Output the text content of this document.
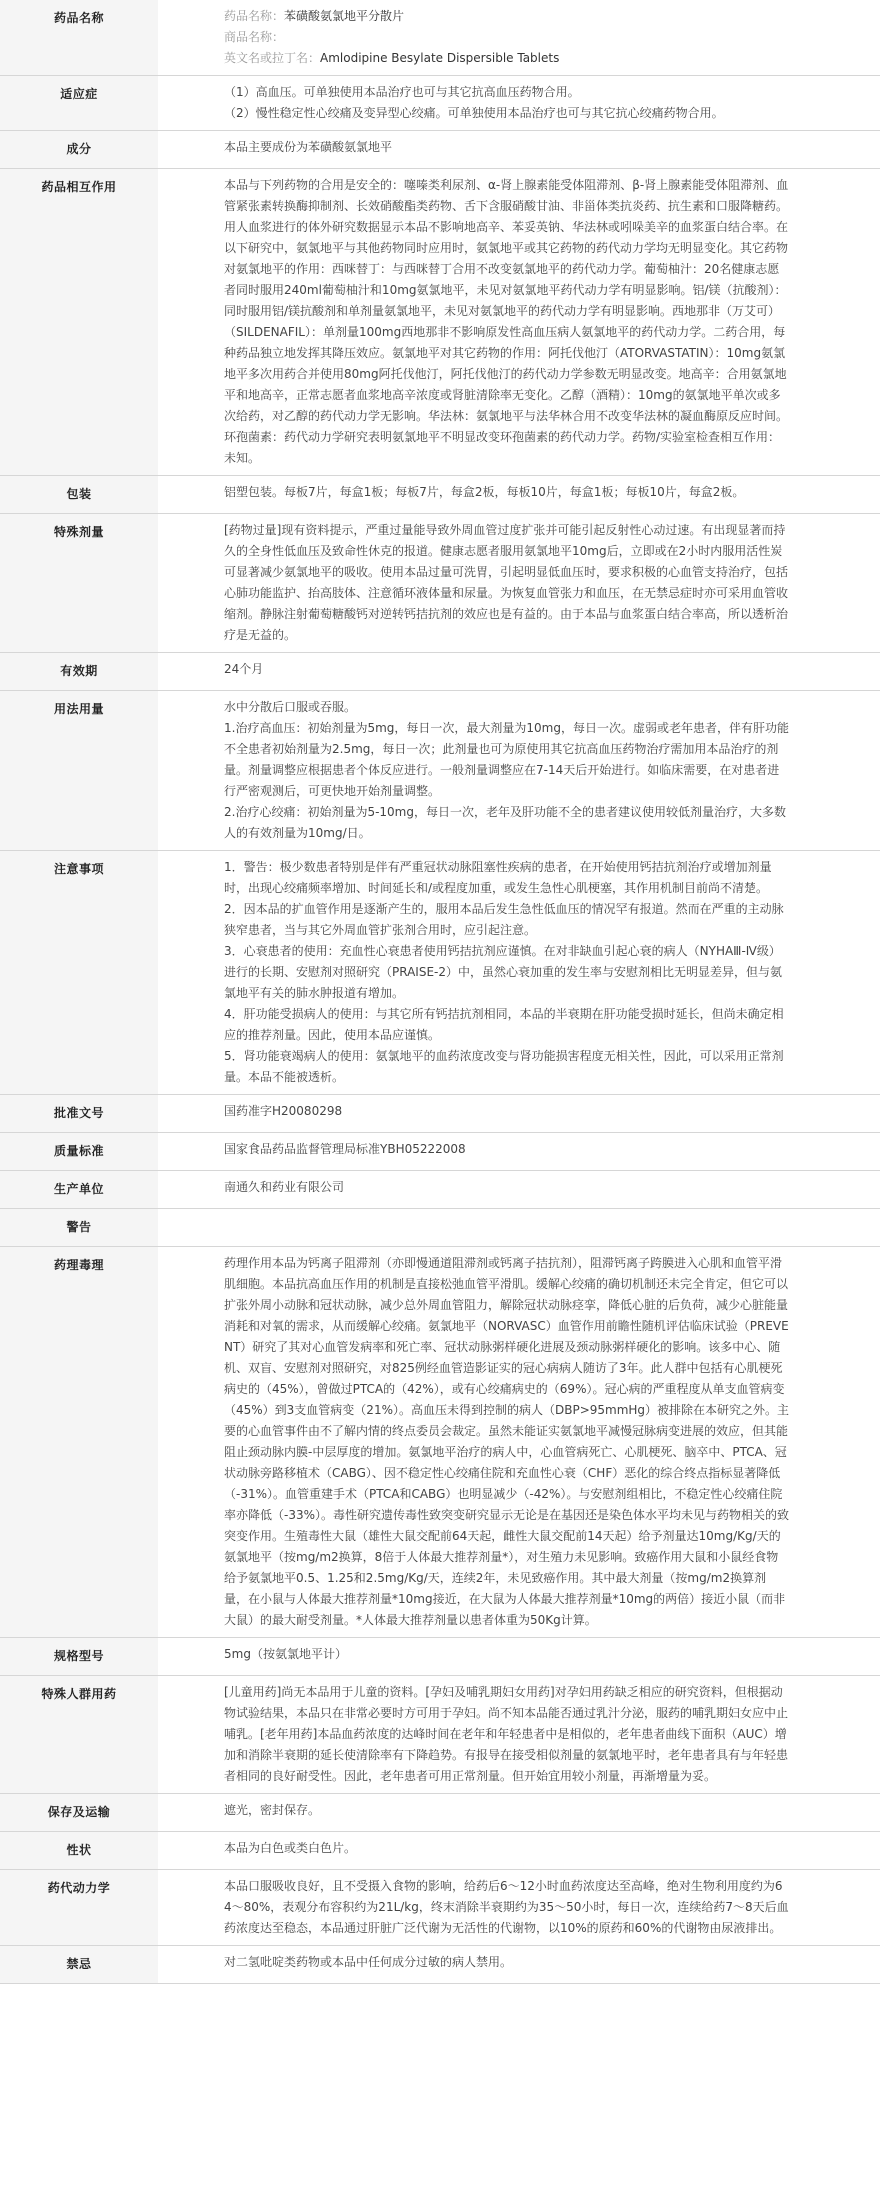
药品名称	药品名称：苯磺酸氨氯地平分散片
商品名称：
英文名或拉丁名：Amlodipine Besylate Dispersible Tablets

适应症	（1）高血压。可单独使用本品治疗也可与其它抗高血压药物合用。
（2）慢性稳定性心绞痛及变异型心绞痛。可单独使用本品治疗也可与其它抗心绞痛药物合用。

成分	本品主要成份为苯磺酸氨氯地平

药品相互作用	本品与下列药物的合用是安全的：噻嗪类利尿剂、α-肾上腺素能受体阻滞剂、β-肾上腺素能受体阻滞剂、血管紧张素转换酶抑制剂、长效硝酸酯类药物、舌下含服硝酸甘油、非甾体类抗炎药、抗生素和口服降糖药。用人血浆进行的体外研究数据显示本品不影响地高辛、苯妥英钠、华法林或吲哚美辛的血浆蛋白结合率。在以下研究中，氨氯地平与其他药物同时应用时，氨氯地平或其它药物的药代动力学均无明显变化。其它药物对氨氯地平的作用：西咪替丁：与西咪替丁合用不改变氨氯地平的药代动力学。葡萄柚汁：20名健康志愿者同时服用240ml葡萄柚汁和10mg氨氯地平，未见对氨氯地平药代动力学有明显影响。铝/镁（抗酸剂）：同时服用铝/镁抗酸剂和单剂量氨氯地平，未见对氨氯地平的药代动力学有明显影响。西地那非（万艾可）（SILDENAFIL）：单剂量100mg西地那非不影响原发性高血压病人氨氯地平的药代动力学。二药合用，每种药品独立地发挥其降压效应。氨氯地平对其它药物的作用：阿托伐他汀（ATORVASTATIN）：10mg氨氯地平多次用药合并使用80mg阿托伐他汀，阿托伐他汀的药代动力学参数无明显改变。地高辛：合用氨氯地平和地高辛，正常志愿者血浆地高辛浓度或肾脏清除率无变化。乙醇（酒精）：10mg的氨氯地平单次或多次给药，对乙醇的药代动力学无影响。华法林：氨氯地平与法华林合用不改变华法林的凝血酶原反应时间。环孢菌素：药代动力学研究表明氨氯地平不明显改变环孢菌素的药代动力学。药物/实验室检查相互作用：未知。

包装	铝塑包装。每板7片，每盒1板；每板7片，每盒2板，每板10片，每盒1板；每板10片，每盒2板。

特殊剂量	[药物过量]现有资料提示，严重过量能导致外周血管过度扩张并可能引起反射性心动过速。有出现显著而持久的全身性低血压及致命性休克的报道。健康志愿者服用氨氯地平10mg后，立即或在2小时内服用活性炭可显著减少氨氯地平的吸收。使用本品过量可洗胃，引起明显低血压时，要求积极的心血管支持治疗，包括心肺功能监护、抬高肢体、注意循环液体量和尿量。为恢复血管张力和血压，在无禁忌症时亦可采用血管收缩剂。静脉注射葡萄糖酸钙对逆转钙拮抗剂的效应也是有益的。由于本品与血浆蛋白结合率高，所以透析治疗是无益的。

有效期	24个月

用法用量	水中分散后口服或吞服。
1.治疗高血压：初始剂量为5mg，每日一次，最大剂量为10mg，每日一次。虚弱或老年患者，伴有肝功能不全患者初始剂量为2.5mg，每日一次；此剂量也可为原使用其它抗高血压药物治疗需加用本品治疗的剂量。剂量调整应根据患者个体反应进行。一般剂量调整应在7-14天后开始进行。如临床需要，在对患者进行严密观测后，可更快地开始剂量调整。
2.治疗心绞痛：初始剂量为5-10mg，每日一次，老年及肝功能不全的患者建议使用较低剂量治疗，大多数人的有效剂量为10mg/日。

注意事项	1．警告：极少数患者特别是伴有严重冠状动脉阻塞性疾病的患者，在开始使用钙拮抗剂治疗或增加剂量时，出现心绞痛频率增加、时间延长和/或程度加重，或发生急性心肌梗塞，其作用机制目前尚不清楚。
2．因本品的扩血管作用是逐渐产生的，服用本品后发生急性低血压的情况罕有报道。然而在严重的主动脉狭窄患者，当与其它外周血管扩张剂合用时，应引起注意。
3．心衰患者的使用：充血性心衰患者使用钙拮抗剂应谨慎。在对非缺血引起心衰的病人（NYHAⅢ-Ⅳ级）进行的长期、安慰剂对照研究（PRAISE-2）中，虽然心衰加重的发生率与安慰剂相比无明显差异，但与氨氯地平有关的肺水肿报道有增加。
4．肝功能受损病人的使用：与其它所有钙拮抗剂相同，本品的半衰期在肝功能受损时延长，但尚未确定相应的推荐剂量。因此，使用本品应谨慎。
5．肾功能衰竭病人的使用：氨氯地平的血药浓度改变与肾功能损害程度无相关性，因此，可以采用正常剂量。本品不能被透析。

批准文号	国药准字H20080298

质量标准	国家食品药品监督管理局标准YBH05222008

生产单位	南通久和药业有限公司

警告	
药理毒理	药理作用本品为钙离子阻滞剂（亦即慢通道阻滞剂或钙离子拮抗剂），阻滞钙离子跨膜进入心肌和血管平滑肌细胞。本品抗高血压作用的机制是直接松弛血管平滑肌。缓解心绞痛的确切机制还未完全肯定，但它可以扩张外周小动脉和冠状动脉，减少总外周血管阻力，解除冠状动脉痉挛，降低心脏的后负荷，减少心脏能量消耗和对氧的需求，从而缓解心绞痛。氨氯地平（NORVASC）血管作用前瞻性随机评估临床试验（PREVENT）研究了其对心血管发病率和死亡率、冠状动脉粥样硬化进展及颈动脉粥样硬化的影响。该多中心、随机、双盲、安慰剂对照研究，对825例经血管造影证实的冠心病病人随访了3年。此人群中包括有心肌梗死病史的（45%），曾做过PTCA的（42%），或有心绞痛病史的（69%）。冠心病的严重程度从单支血管病变（45%）到3支血管病变（21%）。高血压未得到控制的病人（DBP>95mmHg）被排除在本研究之外。主要的心血管事件由不了解内情的终点委员会裁定。虽然未能证实氨氯地平减慢冠脉病变进展的效应，但其能阻止颈动脉内膜-中层厚度的增加。氨氯地平治疗的病人中，心血管病死亡、心肌梗死、脑卒中、PTCA、冠状动脉旁路移植术（CABG）、因不稳定性心绞痛住院和充血性心衰（CHF）恶化的综合终点指标显著降低（-31%）。血管重建手术（PTCA和CABG）也明显减少（-42%）。与安慰剂组相比，不稳定性心绞痛住院率亦降低（-33%）。毒性研究遗传毒性致突变研究显示无论是在基因还是染色体水平均未见与药物相关的致突变作用。生殖毒性大鼠（雄性大鼠交配前64天起，雌性大鼠交配前14天起）给予剂量达10mg/Kg/天的氨氯地平（按mg/m2换算，8倍于人体最大推荐剂量*），对生殖力未见影响。致癌作用大鼠和小鼠经食物给予氨氯地平0.5、1.25和2.5mg/Kg/天，连续2年，未见致癌作用。其中最大剂量（按mg/m2换算剂量，在小鼠与人体最大推荐剂量*10mg接近，在大鼠为人体最大推荐剂量*10mg的两倍）接近小鼠（而非大鼠）的最大耐受剂量。*人体最大推荐剂量以患者体重为50Kg计算。

规格型号	5mg（按氨氯地平计）

特殊人群用药	[儿童用药]尚无本品用于儿童的资料。[孕妇及哺乳期妇女用药]对孕妇用药缺乏相应的研究资料，但根据动物试验结果，本品只在非常必要时方可用于孕妇。尚不知本品能否通过乳汁分泌，服药的哺乳期妇女应中止哺乳。[老年用药]本品血药浓度的达峰时间在老年和年轻患者中是相似的，老年患者曲线下面积（AUC）增加和消除半衰期的延长使清除率有下降趋势。有报导在接受相似剂量的氨氯地平时，老年患者具有与年轻患者相同的良好耐受性。因此，老年患者可用正常剂量。但开始宜用较小剂量，再渐增量为妥。

保存及运输	遮光，密封保存。

性状	本品为白色或类白色片。

药代动力学	本品口服吸收良好，且不受摄入食物的影响，给药后6～12小时血药浓度达至高峰，绝对生物利用度约为64～80%，表观分布容积约为21L/kg，终末消除半衰期约为35～50小时，每日一次，连续给药7～8天后血药浓度达至稳态，本品通过肝脏广泛代谢为无活性的代谢物，以10%的原药和60%的代谢物由尿液排出。

禁忌	对二氢吡啶类药物或本品中任何成分过敏的病人禁用。
